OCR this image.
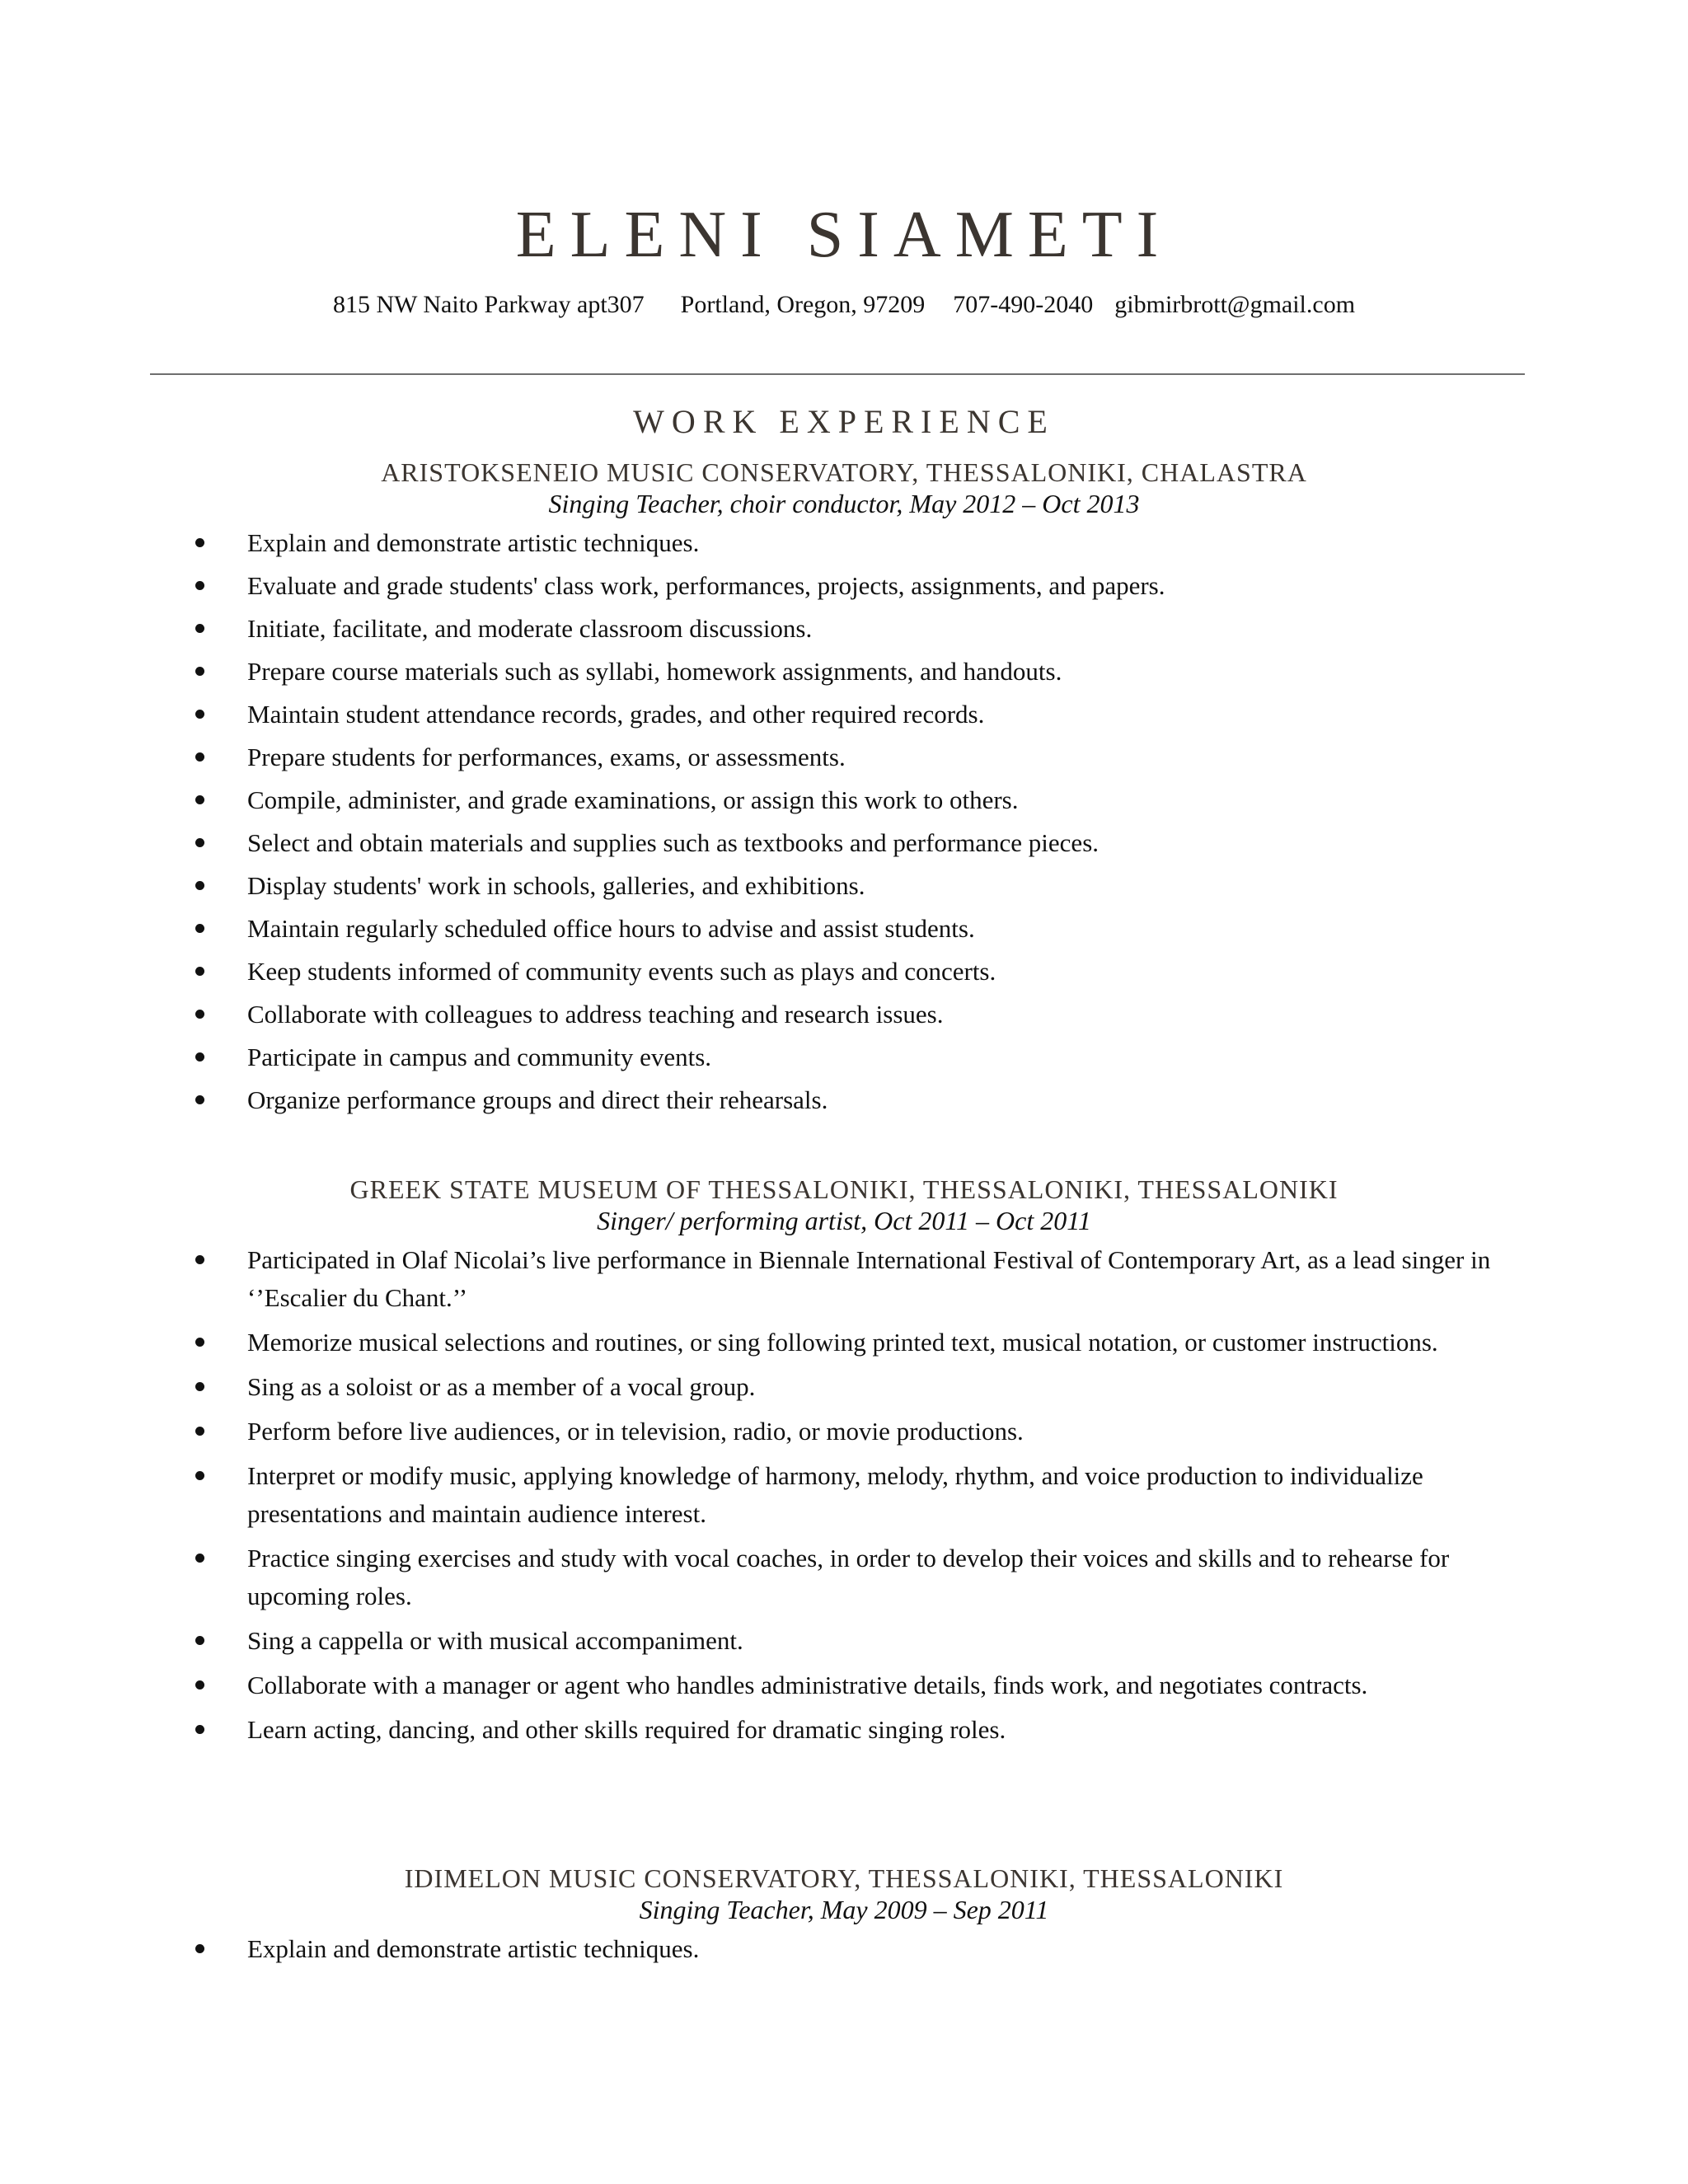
ELENI SIAMETI
815 NW Naito Parkway apt307 Portland, Oregon, 97209 707-490-2040 gibmirbrott@gmail.com
WORK EXPERIENCE
ARISTOKSENEIO MUSIC CONSERVATORY, THESSALONIKI, CHALASTRA
Singing Teacher, choir conductor, May 2012 – Oct 2013
Explain and demonstrate artistic techniques.
Evaluate and grade students' class work, performances, projects, assignments, and papers.
Initiate, facilitate, and moderate classroom discussions.
Prepare course materials such as syllabi, homework assignments, and handouts.
Maintain student attendance records, grades, and other required records.
Prepare students for performances, exams, or assessments.
Compile, administer, and grade examinations, or assign this work to others.
Select and obtain materials and supplies such as textbooks and performance pieces.
Display students' work in schools, galleries, and exhibitions.
Maintain regularly scheduled office hours to advise and assist students.
Keep students informed of community events such as plays and concerts.
Collaborate with colleagues to address teaching and research issues.
Participate in campus and community events.
Organize performance groups and direct their rehearsals.
GREEK STATE MUSEUM OF THESSALONIKI, THESSALONIKI, THESSALONIKI
Singer/ performing artist, Oct 2011 – Oct 2011
Participated in Olaf Nicolai’s live performance in Biennale International Festival of Contemporary Art, as a lead singer in ‘’Escalier du Chant.’’
Memorize musical selections and routines, or sing following printed text, musical notation, or customer instructions.
Sing as a soloist or as a member of a vocal group.
Perform before live audiences, or in television, radio, or movie productions.
Interpret or modify music, applying knowledge of harmony, melody, rhythm, and voice production to individualize presentations and maintain audience interest.
Practice singing exercises and study with vocal coaches, in order to develop their voices and skills and to rehearse for upcoming roles.
Sing a cappella or with musical accompaniment.
Collaborate with a manager or agent who handles administrative details, finds work, and negotiates contracts.
Learn acting, dancing, and other skills required for dramatic singing roles.
IDIMELON MUSIC CONSERVATORY, THESSALONIKI, THESSALONIKI
Singing Teacher, May 2009 – Sep 2011
Explain and demonstrate artistic techniques.
